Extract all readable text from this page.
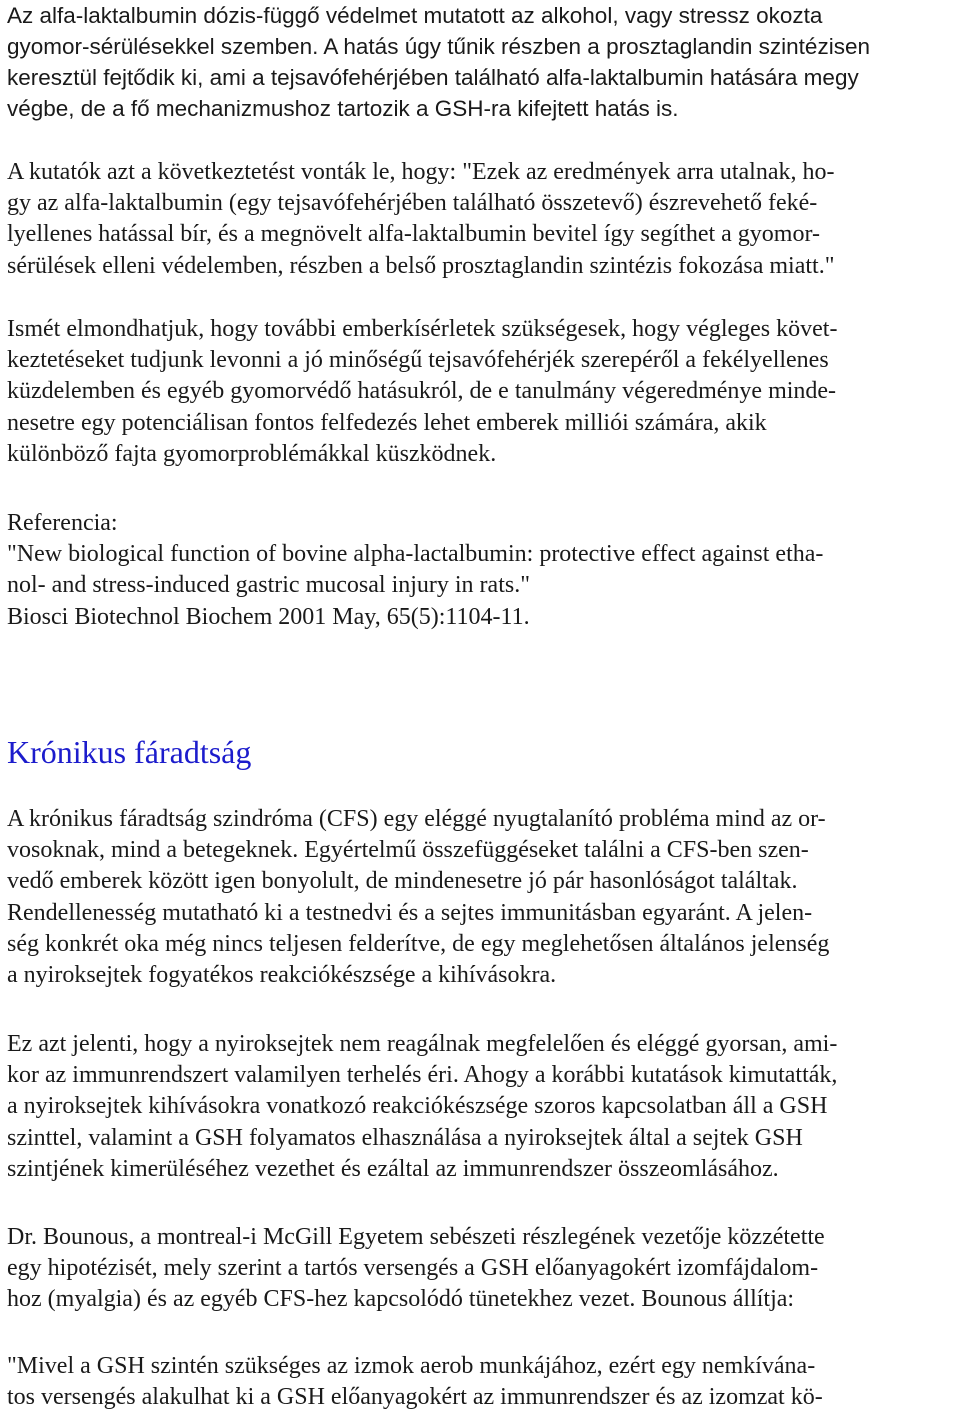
Az alfa-laktalbumin dózis-függő védelmet mutatott az alkohol, vagy stressz okozta
gyomor-sérülésekkel szemben. A hatás úgy tűnik részben a prosztaglandin szintézisen
keresztül fejtődik ki, ami a tejsavófehérjében található alfa-laktalbumin hatására megy
végbe, de a fő mechanizmushoz tartozik a GSH-ra kifejtett hatás is.

A kutatók azt a következtetést vonták le, hogy: "Ezek az eredmények arra utalnak, ho-
gy az alfa-laktalbumin (egy tejsavófehérjében található összetevő) észrevehető feké-
lyellenes hatással bír, és a megnövelt alfa-laktalbumin bevitel így segíthet a gyomor-
sérülések elleni védelemben, részben a belső prosztaglandin szintézis fokozása miatt."

Ismét elmondhatjuk, hogy további emberkísérletek szükségesek, hogy végleges követ-
keztetéseket tudjunk levonni a jó minőségű tejsavófehérjék szerepéről a fekélyellenes
küzdelemben és egyéb gyomorvédő hatásukról, de e tanulmány végeredménye minde-
nesetre egy potenciálisan fontos felfedezés lehet emberek milliói számára, akik
különböző fajta gyomorproblémákkal küszködnek.

Referencia:
"New biological function of bovine alpha-lactalbumin: protective effect against etha-
nol- and stress-induced gastric mucosal injury in rats."
Biosci Biotechnol Biochem 2001 May, 65(5):1104-11.

Krónikus fáradtság

A krónikus fáradtság szindróma (CFS) egy eléggé nyugtalanító probléma mind az or-
vosoknak, mind a betegeknek. Egyértelmű összefüggéseket találni a CFS-ben szen-
vedő emberek között igen bonyolult, de mindenesetre jó pár hasonlóságot találtak.
Rendellenesség mutatható ki a testnedvi és a sejtes immunitásban egyaránt. A jelen-
ség konkrét oka még nincs teljesen felderítve, de egy meglehetősen általános jelenség
a nyiroksejtek fogyatékos reakciókészsége a kihívásokra.

Ez azt jelenti, hogy a nyiroksejtek nem reagálnak megfelelően és eléggé gyorsan, ami-
kor az immunrendszert valamilyen terhelés éri. Ahogy a korábbi kutatások kimutatták,
a nyiroksejtek kihívásokra vonatkozó reakciókészsége szoros kapcsolatban áll a GSH
szinttel, valamint a GSH folyamatos elhasználása a nyiroksejtek által a sejtek GSH
szintjének kimerüléséhez vezethet és ezáltal az immunrendszer összeomlásához.

Dr. Bounous, a montreal-i McGill Egyetem sebészeti részlegének vezetője közzétette
egy hipotézisét, mely szerint a tartós versengés a GSH előanyagokért izomfájdalom-
hoz (myalgia) és az egyéb CFS-hez kapcsolódó tünetekhez vezet. Bounous állítja:

"Mivel a GSH szintén szükséges az izmok aerob munkájához, ezért egy nemkívána-
tos versengés alakulhat ki a GSH előanyagokért az immunrendszer és az izomzat kö-
